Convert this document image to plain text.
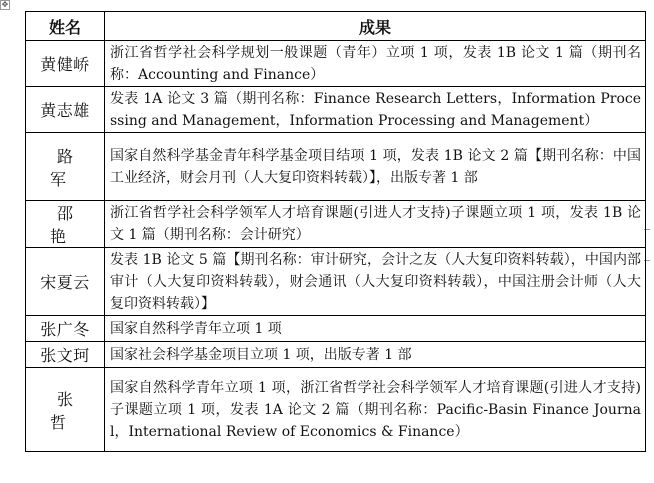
✥
姓名	成果
黄健峤	浙江省哲学社会科学规划一般课题（青年）立项 1 项，发表 1B 论文 1 篇（期刊名称：Accounting and Finance）
黄志雄	发表 1A 论文 3 篇（期刊名称：Finance Research Letters，Information Processing and Management，Information Processing and Management）
路 军	国家自然科学基金青年科学基金项目结项 1 项，发表 1B 论文 2 篇【期刊名称：中国工业经济，财会月刊（人大复印资料转载）】，出版专著 1 部
邵 艳	浙江省哲学社会科学领军人才培育课题(引进人才支持)子课题立项 1 项，发表 1B 论文 1 篇（期刊名称：会计研究）
宋夏云	发表 1B 论文 5 篇【期刊名称：审计研究，会计之友（人大复印资料转载），中国内部审计（人大复印资料转载），财会通讯（人大复印资料转载），中国注册会计师（人大复印资料转载）】
张广冬	国家自然科学青年立项 1 项
张文珂	国家社会科学基金项目立项 1 项，出版专著 1 部
张 哲	国家自然科学青年立项 1 项，浙江省哲学社会科学领军人才培育课题(引进人才支持)子课题立项 1 项，发表 1A 论文 2 篇（期刊名称：Pacific-Basin Finance Journal，International Review of Economics & Finance）
